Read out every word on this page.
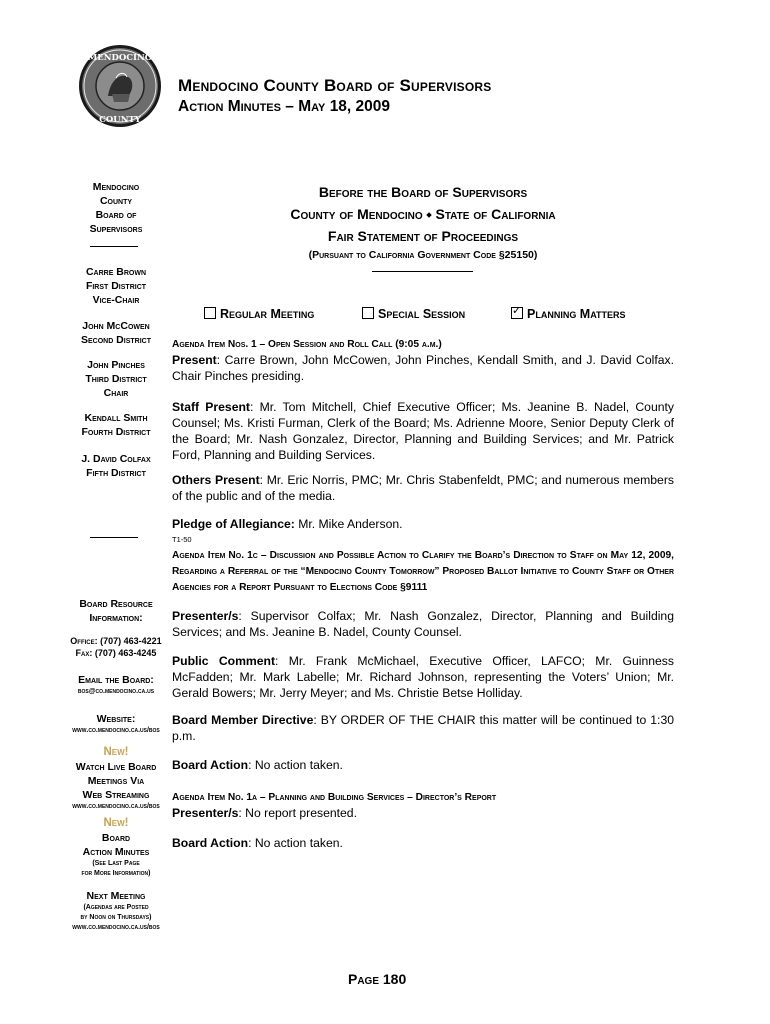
MENDOCINO
COUNTY
Mendocino County Board of Supervisors
Action Minutes – May 18, 2009
Mendocino
County
Board of
Supervisors
Carre Brown
First District
Vice-Chair
John McCowen
Second District
John Pinches
Third District
Chair
Kendall Smith
Fourth District
J. David Colfax
Fifth District
Board Resource
Information:
Office: (707) 463-4221
Fax: (707) 463-4245
Email the Board:
bos@co.mendocino.ca.us
Website:
www.co.mendocino.ca.us/bos
New!
Watch Live Board
Meetings Via
Web Streaming
www.co.mendocino.ca.us/bos
New!
Board
Action Minutes
(See Last Page
for More Information)
Next Meeting
(Agendas are Posted
by Noon on Thursdays)
www.co.mendocino.ca.us/bos
Before the Board of Supervisors
County of Mendocino ⬩ State of California
Fair Statement of Proceedings
(Pursuant to California Government Code §25150)
Regular Meeting	Special Session
✓	Planning Matters
Agenda Item Nos. 1 – Open Session and Roll Call (9:05 a.m.)
Present: Carre Brown, John McCowen, John Pinches, Kendall Smith, and J. David Colfax. Chair Pinches presiding.
Staff Present: Mr. Tom Mitchell, Chief Executive Officer; Ms. Jeanine B. Nadel, County Counsel; Ms. Kristi Furman, Clerk of the Board; Ms. Adrienne Moore, Senior Deputy Clerk of the Board; Mr. Nash Gonzalez, Director, Planning and Building Services; and Mr. Patrick Ford, Planning and Building Services.
Others Present: Mr. Eric Norris, PMC; Mr. Chris Stabenfeldt, PMC; and numerous members of the public and of the media.
Pledge of Allegiance: Mr. Mike Anderson.
T1-50
Agenda Item No. 1c – Discussion and Possible Action to Clarify the Board’s Direction to Staff on May 12, 2009, Regarding a Referral of the “Mendocino County Tomorrow” Proposed Ballot Initiative to County Staff or Other Agencies for a Report Pursuant to Elections Code §9111
Presenter/s: Supervisor Colfax; Mr. Nash Gonzalez, Director, Planning and Building Services; and Ms. Jeanine B. Nadel, County Counsel.
Public Comment: Mr. Frank McMichael, Executive Officer, LAFCO; Mr. Guinness McFadden; Mr. Mark Labelle; Mr. Richard Johnson, representing the Voters’ Union; Mr. Gerald Bowers; Mr. Jerry Meyer; and Ms. Christie Betse Holliday.
Board Member Directive: BY ORDER OF THE CHAIR this matter will be continued to 1:30 p.m.
Board Action: No action taken.
Agenda Item No. 1a – Planning and Building Services – Director’s Report
Presenter/s: No report presented.
Board Action: No action taken.
Page 180
